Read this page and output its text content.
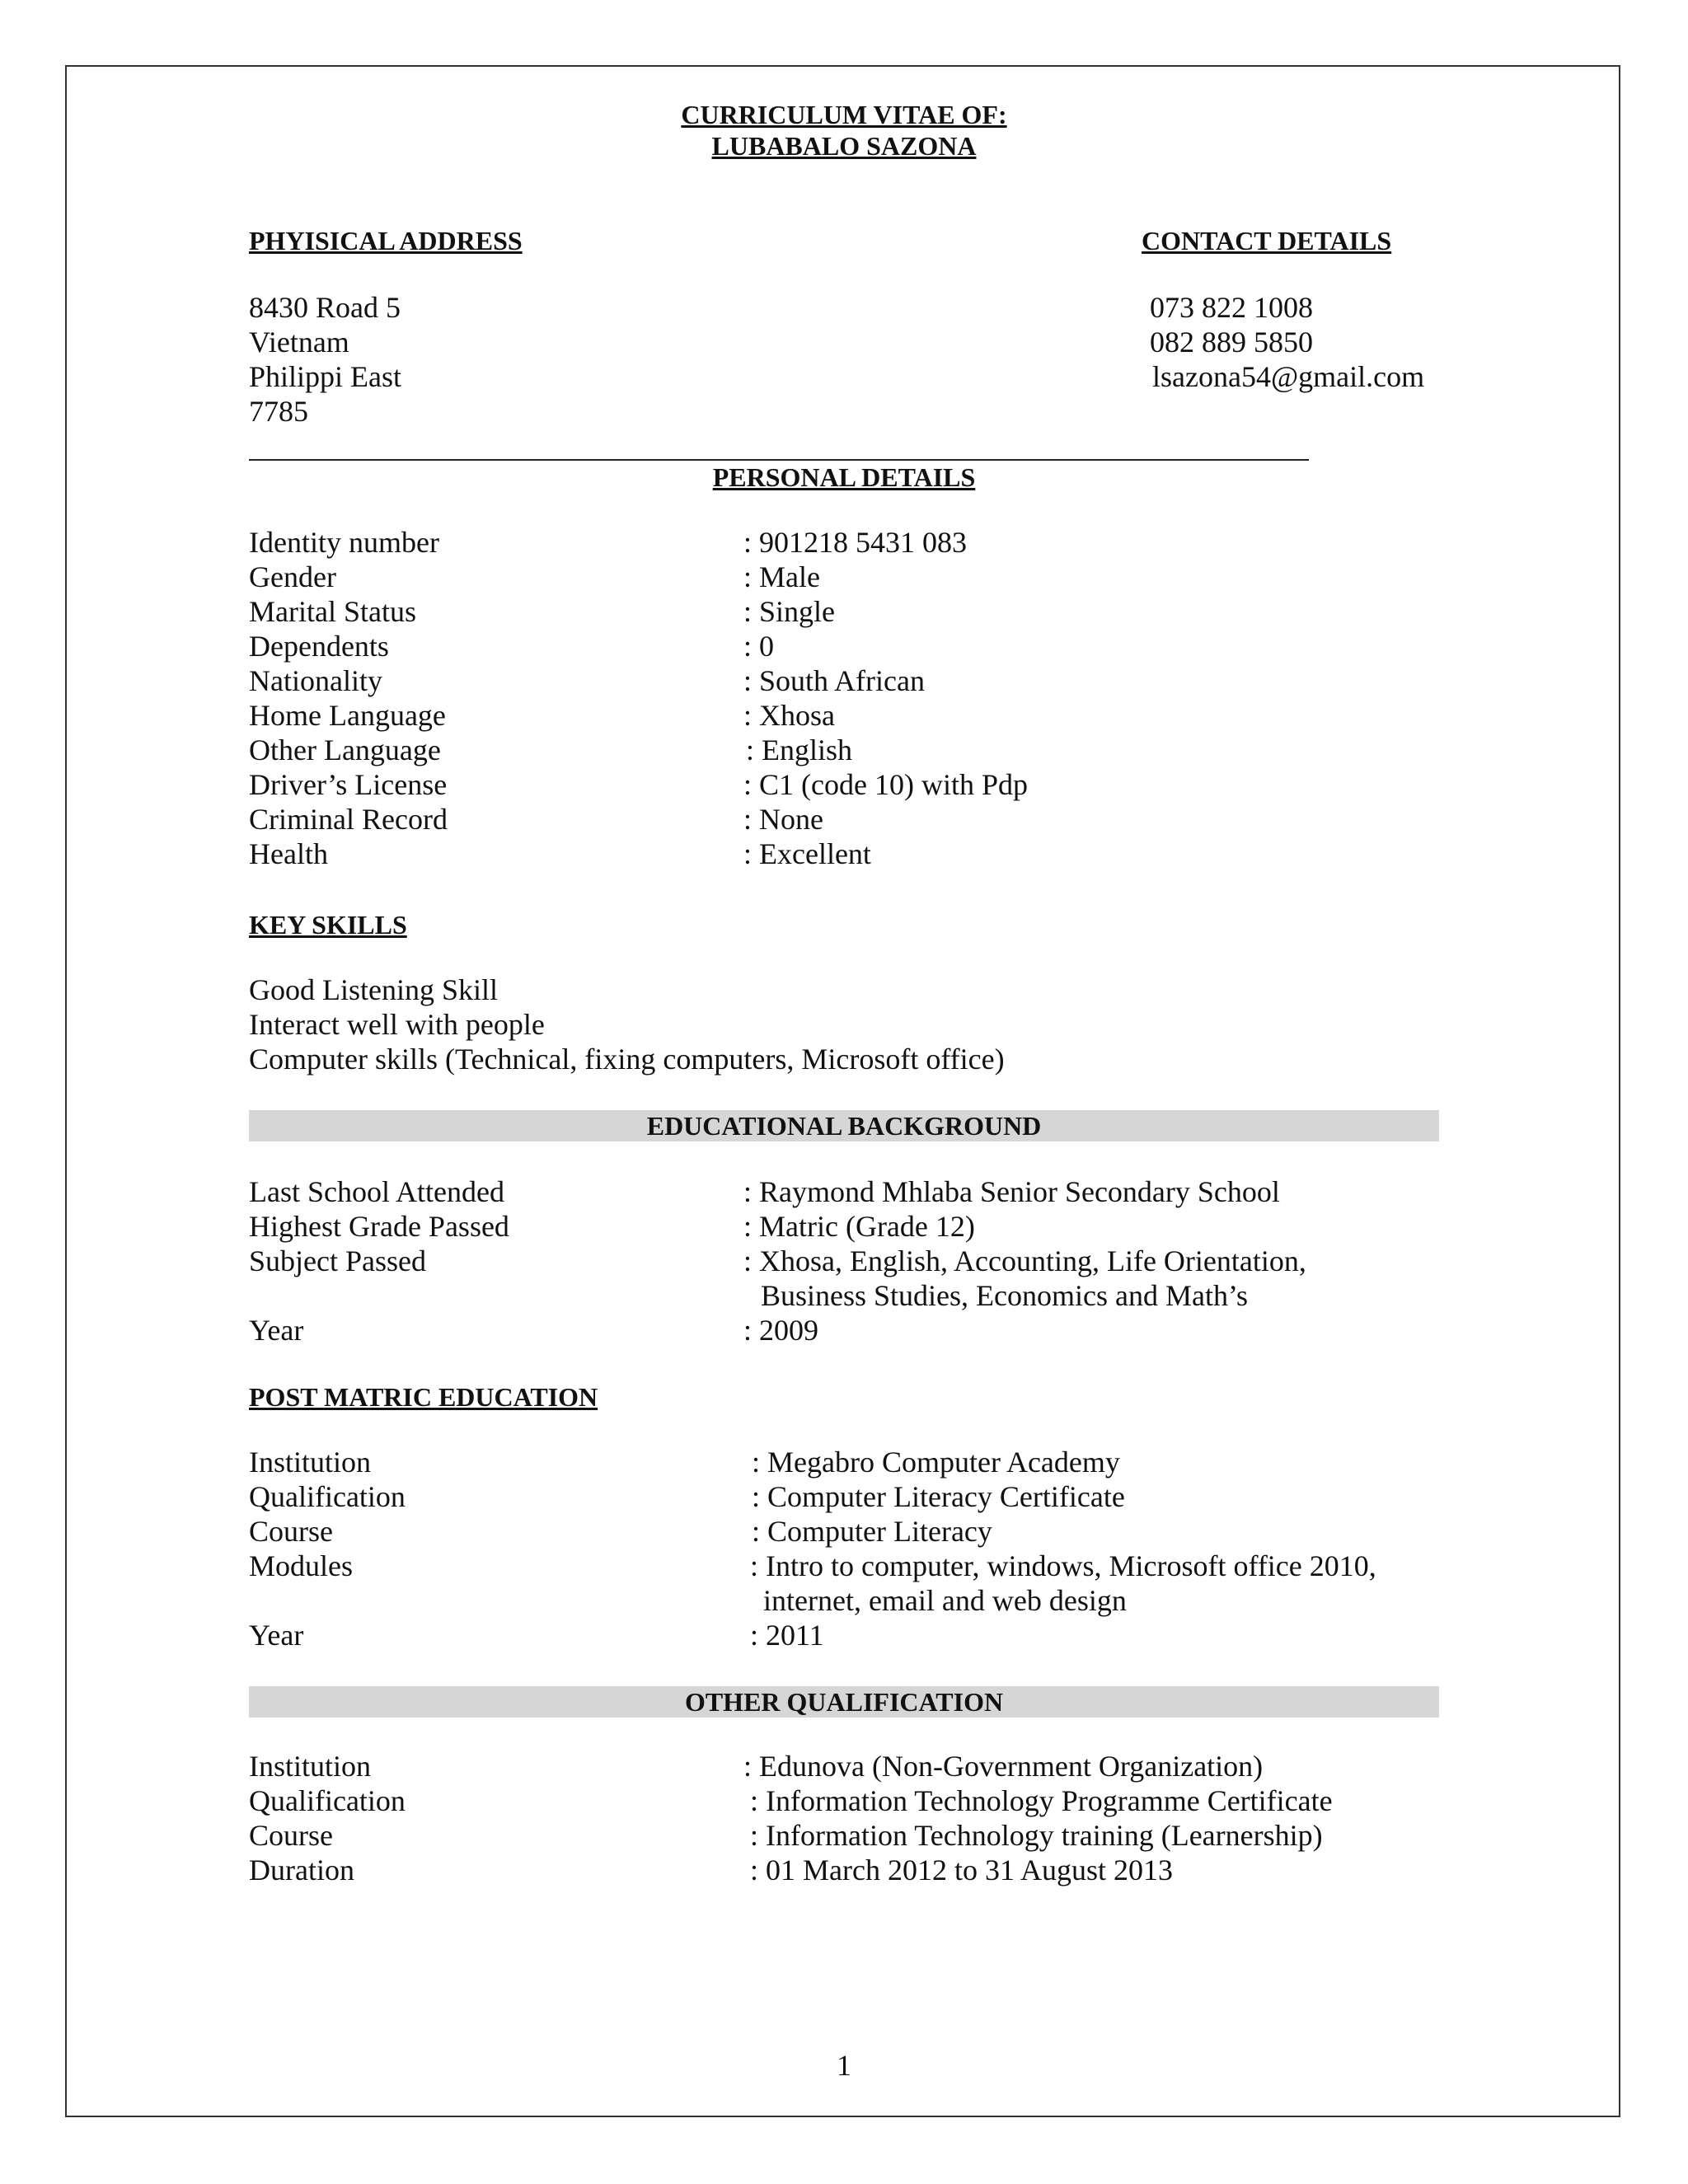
CURRICULUM VITAE OF:
LUBABALO SAZONA
PHYISICAL ADDRESS	CONTACT DETAILS
8430 Road 5
Vietnam
Philippi East
7785
073 822 1008
082 889 5850
lsazona54@gmail.com
PERSONAL DETAILS
Identity number	: 901218 5431 083
Gender	: Male
Marital Status	: Single
Dependents	: 0
Nationality	: South African
Home Language	: Xhosa
Other Language	: English
Driver’s License	: C1 (code 10) with Pdp
Criminal Record	: None
Health	: Excellent
KEY SKILLS
Good Listening Skill
Interact well with people
Computer skills (Technical, fixing computers, Microsoft office)
EDUCATIONAL BACKGROUND
Last School Attended	: Raymond Mhlaba Senior Secondary School
Highest Grade Passed	: Matric (Grade 12)
Subject Passed	: Xhosa, English, Accounting, Life Orientation,
Business Studies, Economics and Math’s
Year	: 2009
POST MATRIC EDUCATION
Institution	: Megabro Computer Academy
Qualification	: Computer Literacy Certificate
Course	: Computer Literacy
Modules	: Intro to computer, windows, Microsoft office 2010,
internet, email and web design
Year	: 2011
OTHER QUALIFICATION
Institution	: Edunova (Non-Government Organization)
Qualification	: Information Technology Programme Certificate
Course	: Information Technology training (Learnership)
Duration	: 01 March 2012 to 31 August 2013
1
